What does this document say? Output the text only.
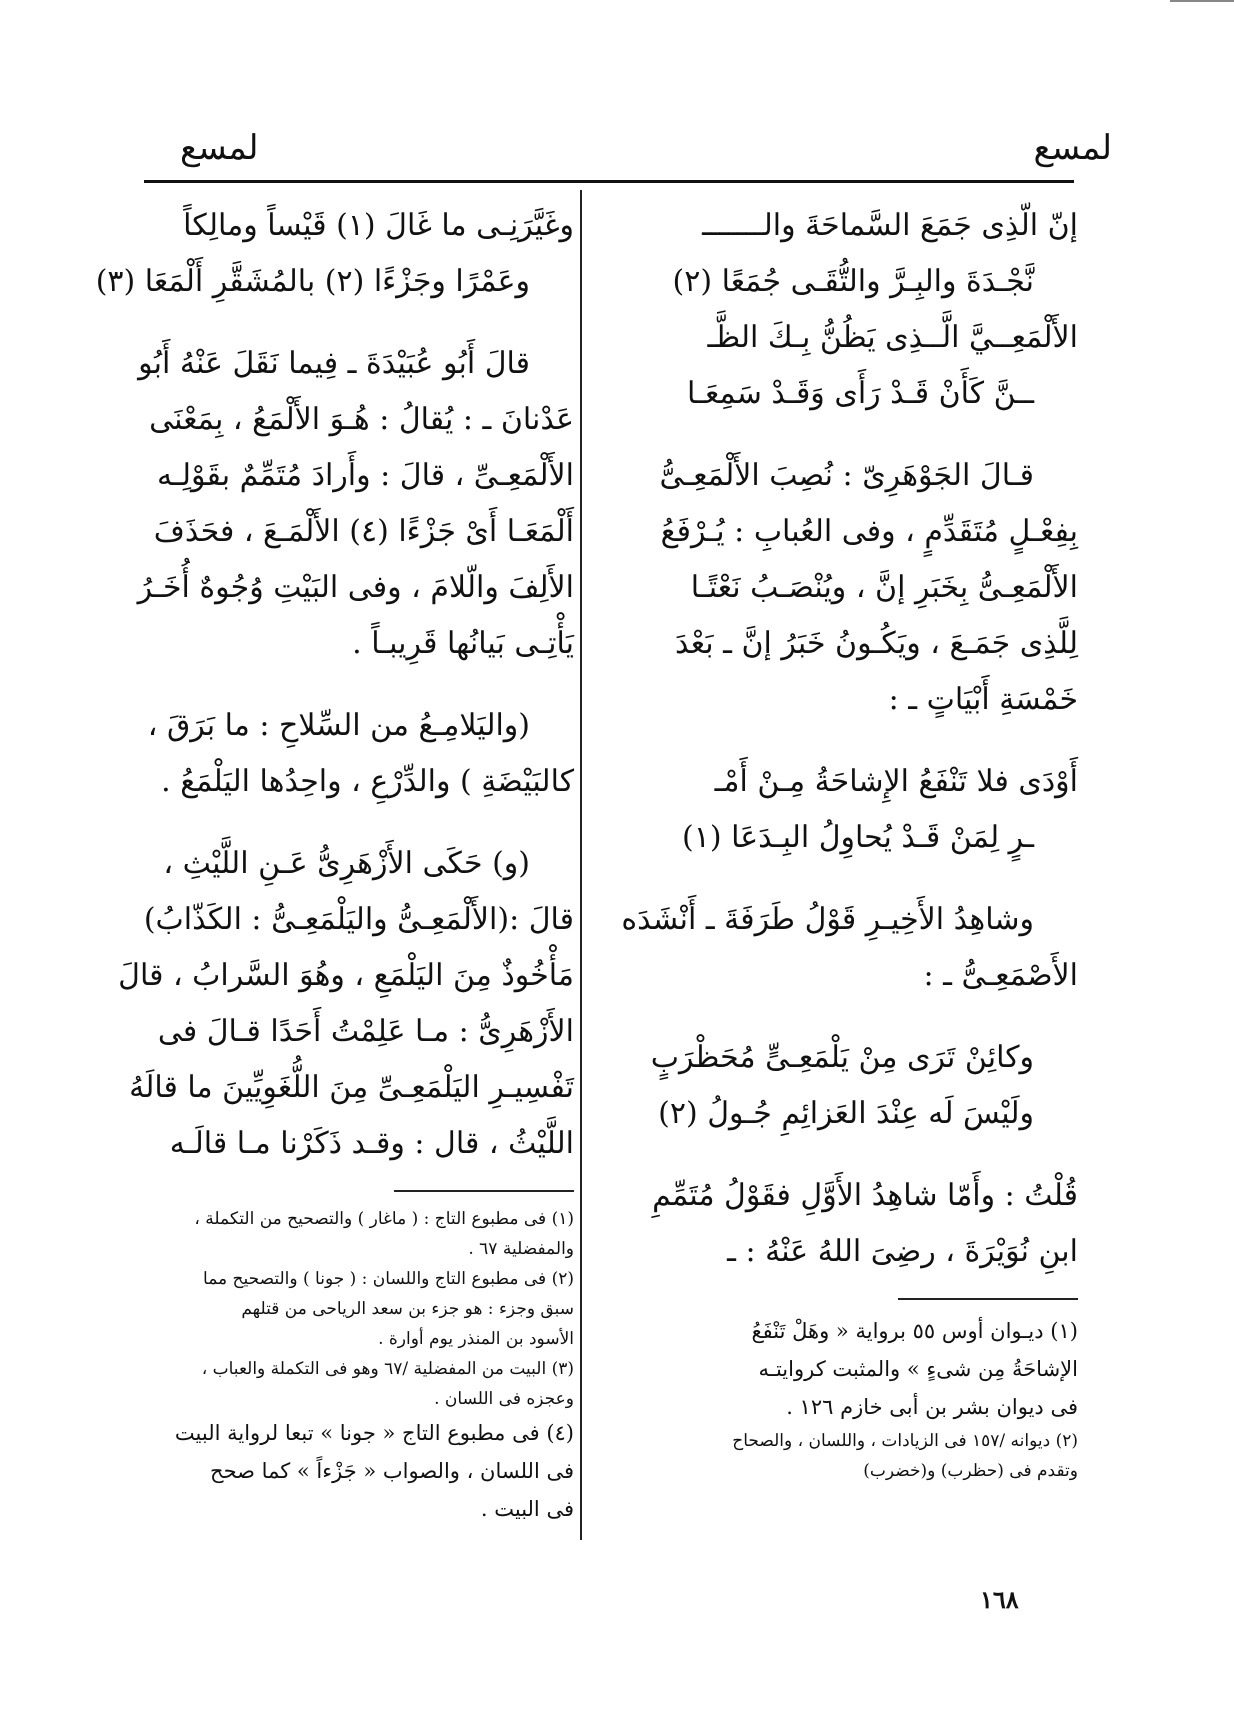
لمسع
لمسع
إنّ الّذِى جَمَعَ السَّماحَةَ والـــــــ
نَّجْـدَةَ والبِـرَّ والتُّقَـى جُمَعًا (٢)
الأَلْمَعِــيَّ الَّــذِى يَظُنُّ بِـكَ الظَّـ
ــنَّ كَأَنْ قَـدْ رَأَى وَقَـدْ سَمِعَـا
قـالَ الجَوْهَرِىّ : نُصِبَ الأَلْمَعِـىُّ
بِفِعْـلٍ مُتَقَدِّمٍ ، وفى العُبابِ : يُـرْفَعُ
الأَلْمَعِـىُّ بِخَبَرِ إنَّ ، ويُنْصَـبُ نَعْتًـا
لِلَّذِى جَمَـعَ ، ويَكُـونُ خَبَرُ إنَّ ـ بَعْدَ
خَمْسَةِ أَبْيَاتٍ ـ :
أَوْدَى فلا تَنْفَعُ الإِشاحَةُ مِـنْ أَمْـ
ـرٍ لِمَنْ قَـدْ يُحاوِلُ البِـدَعَا (١)
وشاهِدُ الأَخِيـرِ قَوْلُ طَرَفَةَ ـ أَنْشَدَه
الأَصْمَعِـىُّ ـ :
وكائِنْ تَرَى مِنْ يَلْمَعِـىٍّ مُحَظْرَبٍ
ولَيْسَ لَه عِنْدَ العَزائِمِ جُـولُ (٢)
قُلْتُ : وأَمّا شاهِدُ الأَوَّلِ فقَوْلُ مُتَمِّمِ
ابنِ نُوَيْرَةَ ، رضِىَ اللهُ عَنْهُ : ـ
(١) ديـوان أوس ٥٥ برواية « وهَلْ تَنْفَعُ
الإشاحَةُ مِن شىءٍ » والمثبت كروايتـه
فى ديوان بشر بن أبى خازم ١٢٦ .
(٢) ديوانه /١٥٧ فى الزيادات ، واللسان ، والصحاح
وتقدم فى (حظرب) و(خضرب)
وغَيَّرَنِـى ما غَالَ (١) قَيْساً ومالِكاً
وعَمْرًا وجَزْءًا (٢) بالمُشَقَّرِ أَلْمَعَا (٣)
قالَ أَبُو عُبَيْدَةَ ـ فِيما نَقَلَ عَنْهُ أَبُو
عَدْنانَ ـ : يُقالُ : هُـوَ الأَلْمَعُ ، بِمَعْنَى
الأَلْمَعِـىِّ ، قالَ : وأَرادَ مُتَمِّمٌ بقَوْلِـه
أَلْمَعَـا أَىْ جَزْءًا (٤) الأَلْمَـعَ ، فحَذَفَ
الأَلِفَ والّلامَ ، وفى البَيْتِ وُجُوهٌ أُخَـرُ
يَأْتِـى بَيانُها قَرِيبـاً .
(واليَلامِـعُ من السِّلاحِ : ما بَرَقَ ،
كالبَيْضَةِ ) والدِّرْعِ ، واحِدُها اليَلْمَعُ .
(و) حَكَى الأَزْهَرِىُّ عَـنِ اللَّيْثِ ،
قالَ :(الأَلْمَعِـىُّ واليَلْمَعِـىُّ : الكَذّابُ)
مَأْخُوذٌ مِنَ اليَلْمَعِ ، وهُوَ السَّرابُ ، قالَ
الأَزْهَرِىُّ : مـا عَلِمْتُ أَحَدًا قـالَ فى
تَفْسِيـرِ اليَلْمَعِـىِّ مِنَ اللُّغَوِيِّينَ ما قالَهُ
اللَّيْثُ ، قال : وقـد ذَكَرْنا مـا قالَـه
(١) فى مطبوع التاج : ( ماغار ) والتصحيح من التكملة ،
والمفضلية ٦٧ .
(٢) فى مطبوع التاج واللسان : ( جونا ) والتصحيح مما
سبق وجزء : هو جزء بن سعد الرياحى من قتلهم
الأسود بن المنذر يوم أوارة .
(٣) البيت من المفضلية /٦٧ وهو فى التكملة والعباب ،
وعجزه فى اللسان .
(٤) فى مطبوع التاج « جونا » تبعا لرواية البيت
فى اللسان ، والصواب « جَزْءاً » كما صحح
فى البيت .
١٦٨
